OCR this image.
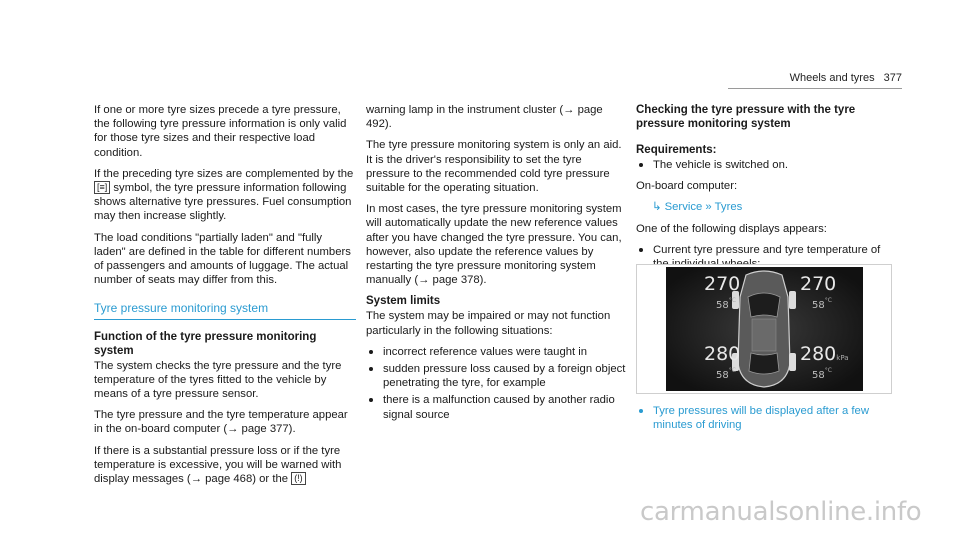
Wheels and tyres 377

If one or more tyre sizes precede a tyre pressure, the following tyre pressure information is only valid for those tyre sizes and their respective load condition.

If the preceding tyre sizes are complemented by the [≡] symbol, the tyre pressure information following shows alternative tyre pressures. Fuel consumption may then increase slightly.

The load conditions "partially laden" and "fully laden" are defined in the table for different numbers of passengers and amounts of luggage. The actual number of seats may differ from this.

Tyre pressure monitoring system
Function of the tyre pressure monitoring system

The system checks the tyre pressure and the tyre temperature of the tyres fitted to the vehicle by means of a tyre pressure sensor.

The tyre pressure and the tyre temperature appear in the on-board computer (→ page 377).

If there is a substantial pressure loss or if the tyre temperature is excessive, you will be warned with display messages (→ page 468) or the (!)

warning lamp in the instrument cluster (→ page 492).

The tyre pressure monitoring system is only an aid. It is the driver's responsibility to set the tyre pressure to the recommended cold tyre pressure suitable for the operating situation.

In most cases, the tyre pressure monitoring system will automatically update the new reference values after you have changed the tyre pressure. You can, however, also update the reference values by restarting the tyre pressure monitoring system manually (→ page 378).

System limits

The system may be impaired or may not function particularly in the following situations:

incorrect reference values were taught in
sudden pressure loss caused by a foreign object penetrating the tyre, for example
there is a malfunction caused by another radio signal source
Checking the tyre pressure with the tyre pressure monitoring system
Requirements:
The vehicle is switched on.

On-board computer:

↳ Service » Tyres

One of the following displays appears:

Current tyre pressure and tyre temperature of
270
$58^{^\circ C}$
270
$58^{^\circ C}$
280
$58^{^\circ C}$
280kPa
$58^{^\circ C}$
Tyre pressures will be displayed after a few minutes of driving
carmanualsonline.info
